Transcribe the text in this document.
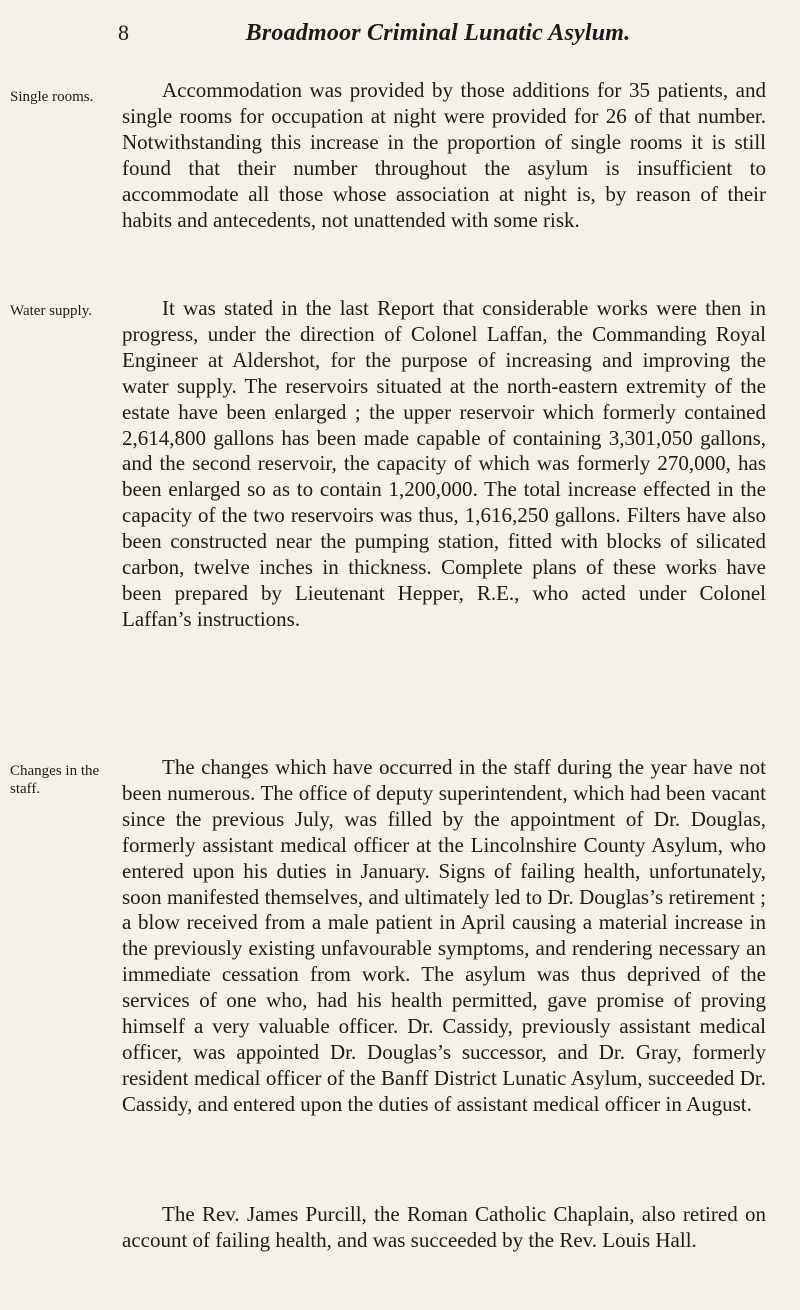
8	Broadmoor Criminal Lunatic Asylum.
Single rooms.	Accommodation was provided by those additions for 35 patients, and single rooms for occupation at night were provided for 26 of that number. Notwithstanding this increase in the proportion of single rooms it is still found that their number throughout the asylum is insufficient to accommodate all those whose association at night is, by reason of their habits and antecedents, not unattended with some risk.

Water supply.	It was stated in the last Report that considerable works were then in progress, under the direction of Colonel Laffan, the Commanding Royal Engineer at Aldershot, for the purpose of increasing and improving the water supply. The reservoirs situated at the north-eastern extremity of the estate have been enlarged ; the upper reservoir which formerly contained 2,614,800 gallons has been made capable of containing 3,301,050 gallons, and the second reservoir, the capacity of which was formerly 270,000, has been enlarged so as to contain 1,200,000. The total increase effected in the capacity of the two reservoirs was thus, 1,616,250 gallons. Filters have also been constructed near the pumping station, fitted with blocks of silicated carbon, twelve inches in thickness. Complete plans of these works have been prepared by Lieutenant Hepper, R.E., who acted under Colonel Laffan’s instructions.

Changes in the staff.

The changes which have occurred in the staff during the year have not been numerous. The office of deputy superintendent, which had been vacant since the previous July, was filled by the appointment of Dr. Douglas, formerly assistant medical officer at the Lincolnshire County Asylum, who entered upon his duties in January. Signs of failing health, unfortunately, soon manifested themselves, and ultimately led to Dr. Douglas’s retirement ; a blow received from a male patient in April causing a material increase in the previously existing unfavourable symptoms, and rendering necessary an immediate cessation from work. The asylum was thus deprived of the services of one who, had his health permitted, gave promise of proving himself a very valuable officer. Dr. Cassidy, previously assistant medical officer, was appointed Dr. Douglas’s successor, and Dr. Gray, formerly resident medical officer of the Banff District Lunatic Asylum, succeeded Dr. Cassidy, and entered upon the duties of assistant medical officer in August.

The Rev. James Purcill, the Roman Catholic Chaplain, also retired on account of failing health, and was succeeded by the Rev. Louis Hall.
